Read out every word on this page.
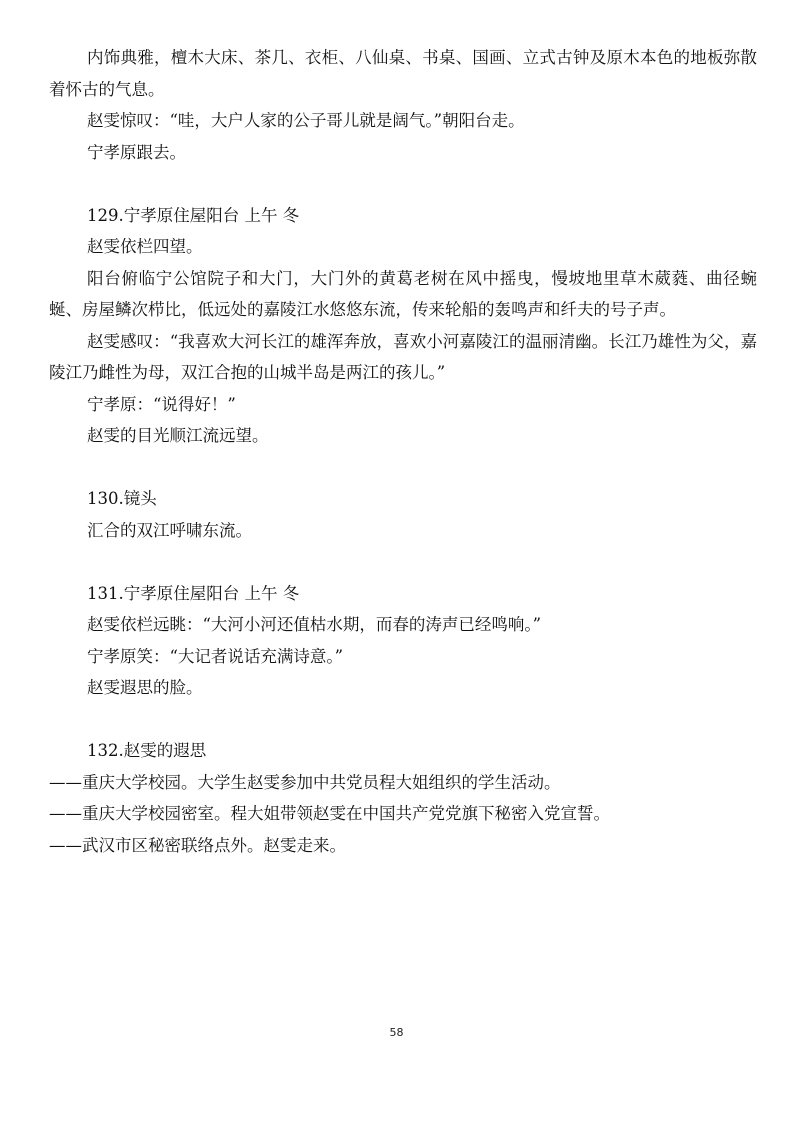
内饰典雅，檀木大床、茶几、衣柜、八仙桌、书桌、国画、立式古钟及原木本色的地板弥散着怀古的气息。

赵雯惊叹：“哇，大户人家的公子哥儿就是阔气。”朝阳台走。

宁孝原跟去。

129.宁孝原住屋阳台 上午 冬

赵雯依栏四望。

阳台俯临宁公馆院子和大门，大门外的黄葛老树在风中摇曳，慢坡地里草木葳蕤、曲径蜿蜒、房屋鳞次栉比，低远处的嘉陵江水悠悠东流，传来轮船的轰鸣声和纤夫的号子声。

赵雯感叹：“我喜欢大河长江的雄浑奔放，喜欢小河嘉陵江的温丽清幽。长江乃雄性为父，嘉陵江乃雌性为母，双江合抱的山城半岛是两江的孩儿。”

宁孝原：“说得好！”

赵雯的目光顺江流远望。

130.镜头

汇合的双江呼啸东流。

131.宁孝原住屋阳台 上午 冬

赵雯依栏远眺：“大河小河还值枯水期，而春的涛声已经鸣响。”

宁孝原笑：“大记者说话充满诗意。”

赵雯遐思的脸。

132.赵雯的遐思

——重庆大学校园。大学生赵雯参加中共党员程大姐组织的学生活动。

——重庆大学校园密室。程大姐带领赵雯在中国共产党党旗下秘密入党宣誓。

——武汉市区秘密联络点外。赵雯走来。

58
